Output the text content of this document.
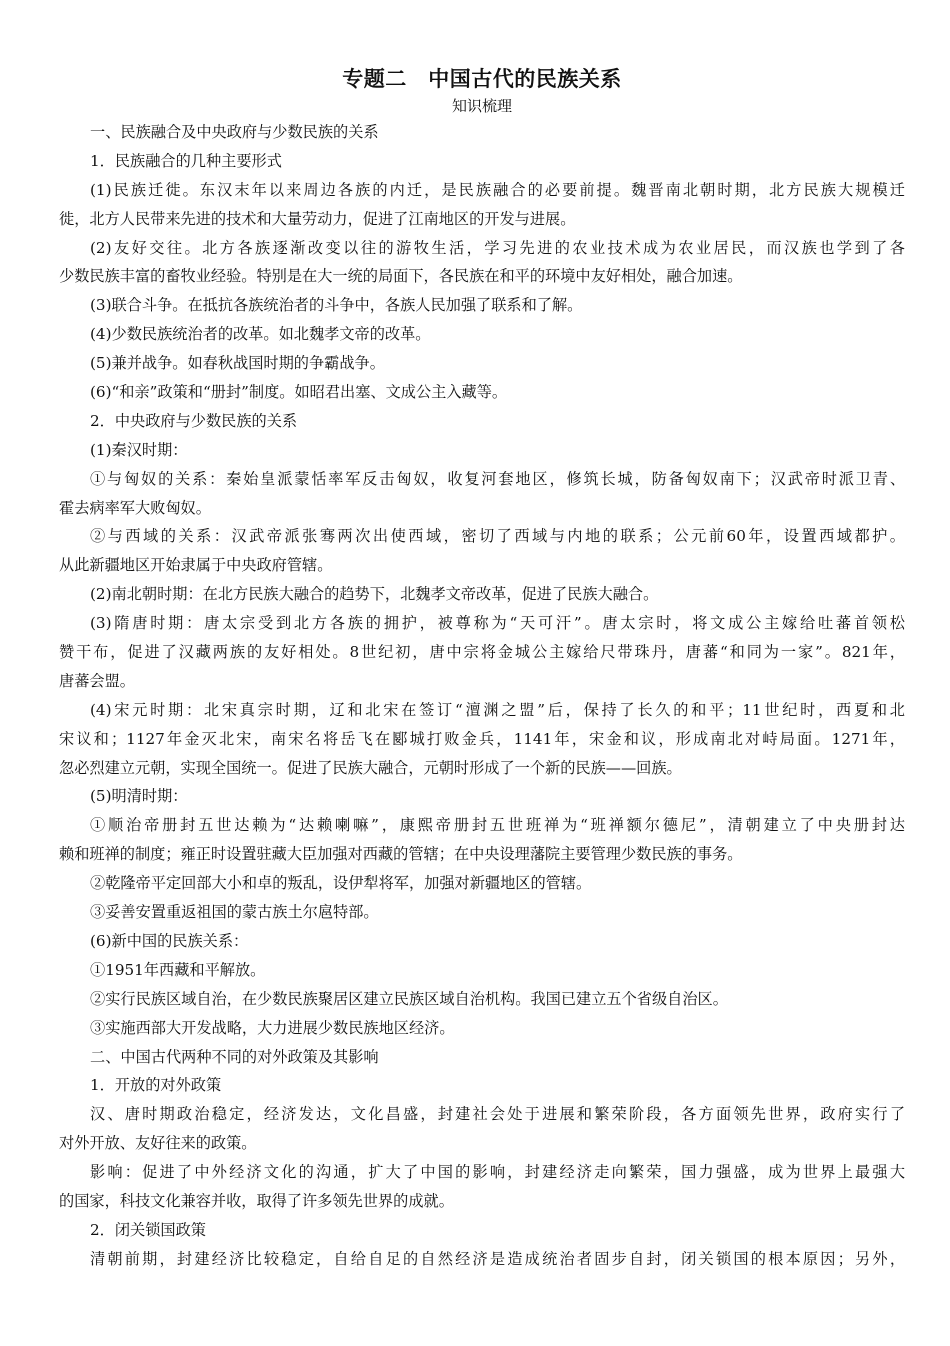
专题二　中国古代的民族关系
知识梳理
一、民族融合及中央政府与少数民族的关系
1．民族融合的几种主要形式
(1)民族迁徙。东汉末年以来周边各族的内迁，是民族融合的必要前提。魏晋南北朝时期，北方民族大规模迁
徙，北方人民带来先进的技术和大量劳动力，促进了江南地区的开发与进展。
(2)友好交往。北方各族逐渐改变以往的游牧生活，学习先进的农业技术成为农业居民，而汉族也学到了各
少数民族丰富的畜牧业经验。特别是在大一统的局面下，各民族在和平的环境中友好相处，融合加速。
(3)联合斗争。在抵抗各族统治者的斗争中，各族人民加强了联系和了解。
(4)少数民族统治者的改革。如北魏孝文帝的改革。
(5)兼并战争。如春秋战国时期的争霸战争。
(6)“和亲”政策和“册封”制度。如昭君出塞、文成公主入藏等。
2．中央政府与少数民族的关系
(1)秦汉时期：
①与匈奴的关系：秦始皇派蒙恬率军反击匈奴，收复河套地区，修筑长城，防备匈奴南下；汉武帝时派卫青、
霍去病率军大败匈奴。
②与西域的关系：汉武帝派张骞两次出使西域，密切了西域与内地的联系；公元前60年，设置西域都护。
从此新疆地区开始隶属于中央政府管辖。
(2)南北朝时期：在北方民族大融合的趋势下，北魏孝文帝改革，促进了民族大融合。
(3)隋唐时期：唐太宗受到北方各族的拥护，被尊称为“天可汗”。唐太宗时，将文成公主嫁给吐蕃首领松
赞干布，促进了汉藏两族的友好相处。8世纪初，唐中宗将金城公主嫁给尺带珠丹，唐蕃“和同为一家”。821年，
唐蕃会盟。
(4)宋元时期：北宋真宗时期，辽和北宋在签订“澶渊之盟”后，保持了长久的和平；11世纪时，西夏和北
宋议和；1127年金灭北宋，南宋名将岳飞在郾城打败金兵，1141年，宋金和议，形成南北对峙局面。1271年，
忽必烈建立元朝，实现全国统一。促进了民族大融合，元朝时形成了一个新的民族——回族。
(5)明清时期：
①顺治帝册封五世达赖为“达赖喇嘛”，康熙帝册封五世班禅为“班禅额尔德尼”，清朝建立了中央册封达
赖和班禅的制度；雍正时设置驻藏大臣加强对西藏的管辖；在中央设理藩院主要管理少数民族的事务。
②乾隆帝平定回部大小和卓的叛乱，设伊犁将军，加强对新疆地区的管辖。
③妥善安置重返祖国的蒙古族土尔扈特部。
(6)新中国的民族关系：
①1951年西藏和平解放。
②实行民族区域自治，在少数民族聚居区建立民族区域自治机构。我国已建立五个省级自治区。
③实施西部大开发战略，大力进展少数民族地区经济。
二、中国古代两种不同的对外政策及其影响
1．开放的对外政策
汉、唐时期政治稳定，经济发达，文化昌盛，封建社会处于进展和繁荣阶段，各方面领先世界，政府实行了
对外开放、友好往来的政策。
影响：促进了中外经济文化的沟通，扩大了中国的影响，封建经济走向繁荣，国力强盛，成为世界上最强大
的国家，科技文化兼容并收，取得了许多领先世界的成就。
2．闭关锁国政策
清朝前期，封建经济比较稳定，自给自足的自然经济是造成统治者固步自封，闭关锁国的根本原因；另外，
